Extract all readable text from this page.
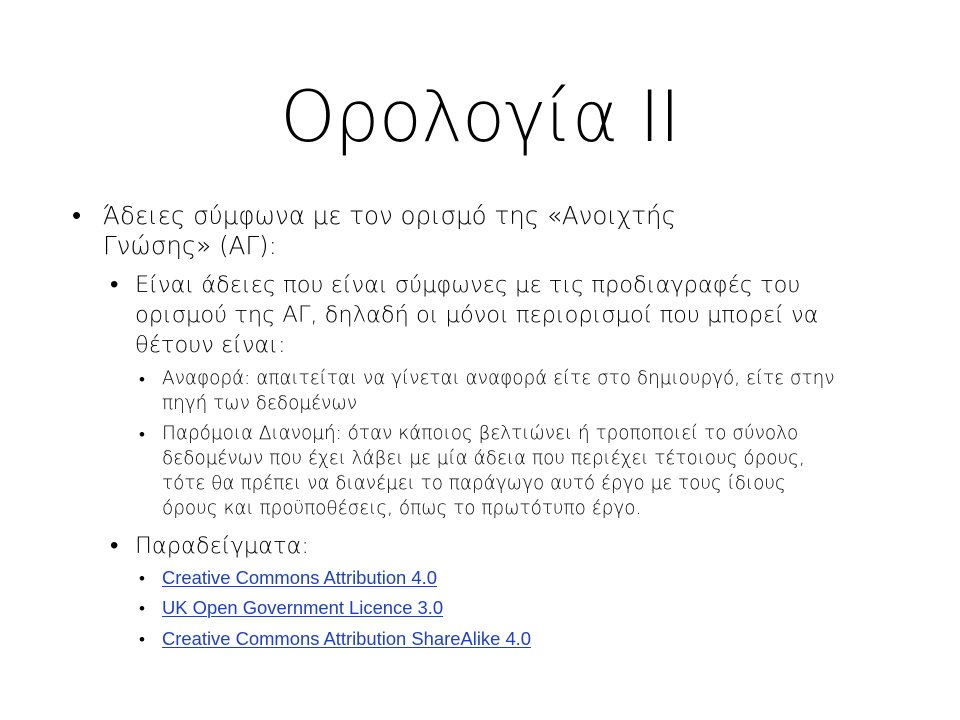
Ορολογία ΙΙ
• Άδειες σύμφωνα με τον ορισμό της «Ανοιχτής
Γνώσης» (ΑΓ):
• Είναι άδειες που είναι σύμφωνες με τις προδιαγραφές του
ορισμού της ΑΓ, δηλαδή οι μόνοι περιορισμοί που μπορεί να
θέτουν είναι:
• Αναφορά: απαιτείται να γίνεται αναφορά είτε στο δημιουργό, είτε στην
πηγή των δεδομένων
• Παρόμοια Διανομή: όταν κάποιος βελτιώνει ή τροποποιεί το σύνολο
δεδομένων που έχει λάβει με μία άδεια που περιέχει τέτοιους όρους,
τότε θα πρέπει να διανέμει το παράγωγο αυτό έργο με τους ίδιους
όρους και προϋποθέσεις, όπως το πρωτότυπο έργο.
• Παραδείγματα:
• Creative Commons Attribution 4.0
• UK Open Government Licence 3.0
• Creative Commons Attribution ShareAlike 4.0
